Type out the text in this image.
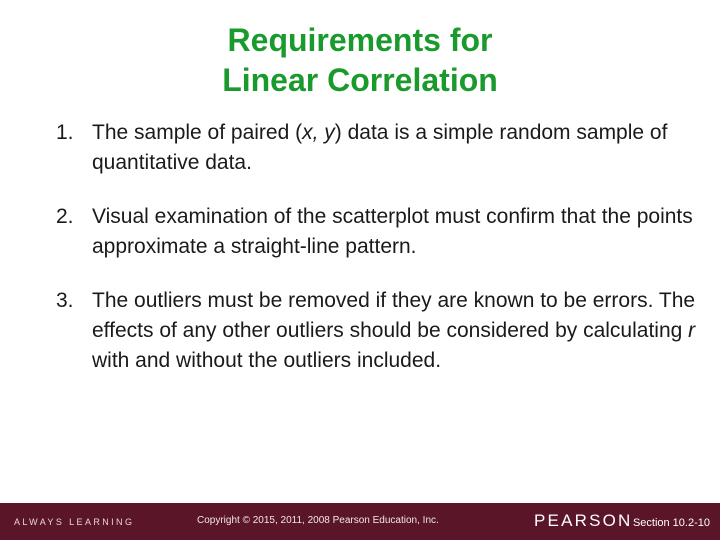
Requirements for
Linear Correlation
1. The sample of paired (x, y) data is a simple random sample of quantitative data.
2. Visual examination of the scatterplot must confirm that the points approximate a straight-line pattern.
3. The outliers must be removed if they are known to be errors. The effects of any other outliers should be considered by calculating r with and without the outliers included.
ALWAYS LEARNING	Copyright © 2015, 2011, 2008 Pearson Education, Inc.	PEARSON Section 10.2-10
